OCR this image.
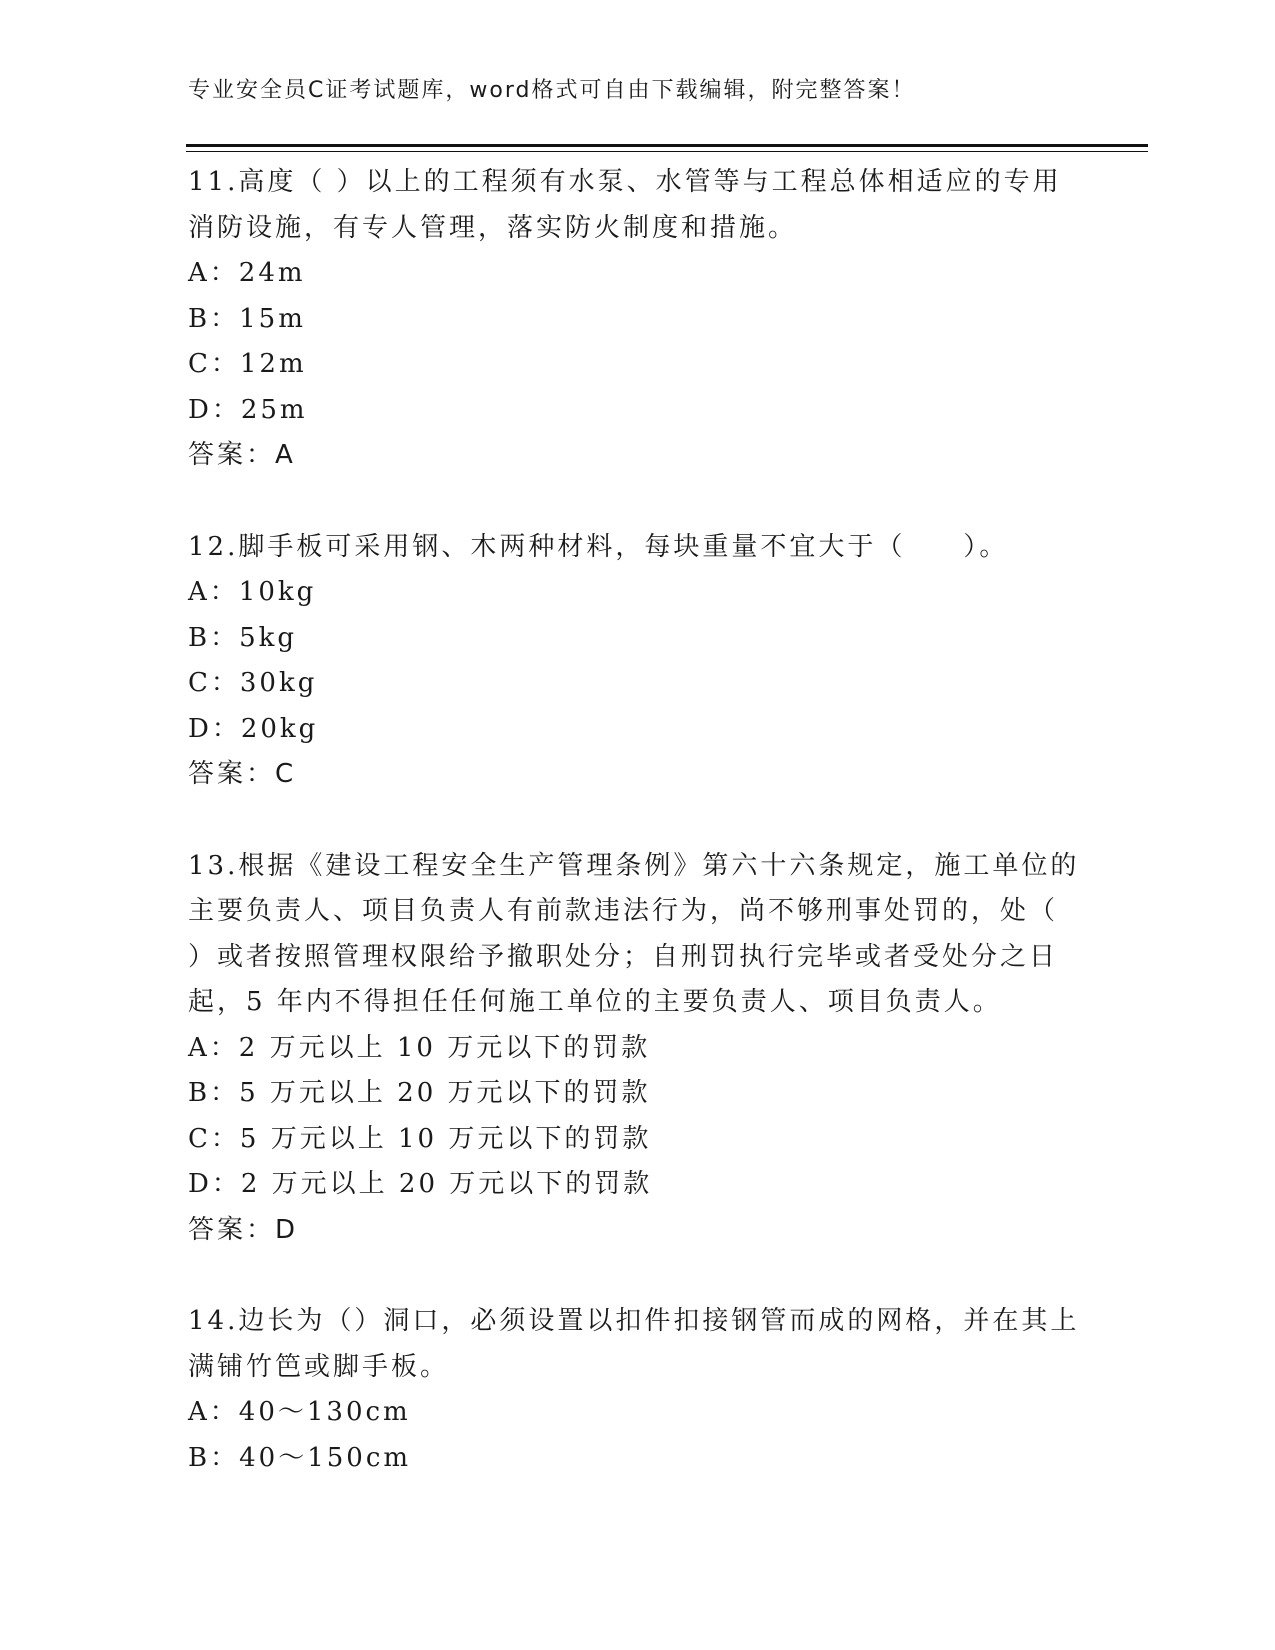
专业安全员C证考试题库，word格式可自由下载编辑，附完整答案！
11.高度（ ）以上的工程须有水泵、水管等与工程总体相适应的专用
消防设施，有专人管理，落实防火制度和措施。
A：24m
B：15m
C：12m
D：25m
答案：A
12.脚手板可采用钢、木两种材料，每块重量不宜大于（　　）。
A：10kg
B：5kg
C：30kg
D：20kg
答案：C
13.根据《建设工程安全生产管理条例》第六十六条规定，施工单位的
主要负责人、项目负责人有前款违法行为，尚不够刑事处罚的，处（
）或者按照管理权限给予撤职处分；自刑罚执行完毕或者受处分之日
起，5 年内不得担任任何施工单位的主要负责人、项目负责人。
A：2 万元以上 10 万元以下的罚款
B：5 万元以上 20 万元以下的罚款
C：5 万元以上 10 万元以下的罚款
D：2 万元以上 20 万元以下的罚款
答案：D
14.边长为（）洞口，必须设置以扣件扣接钢管而成的网格，并在其上
满铺竹笆或脚手板。
A：40～130cm
B：40～150cm
